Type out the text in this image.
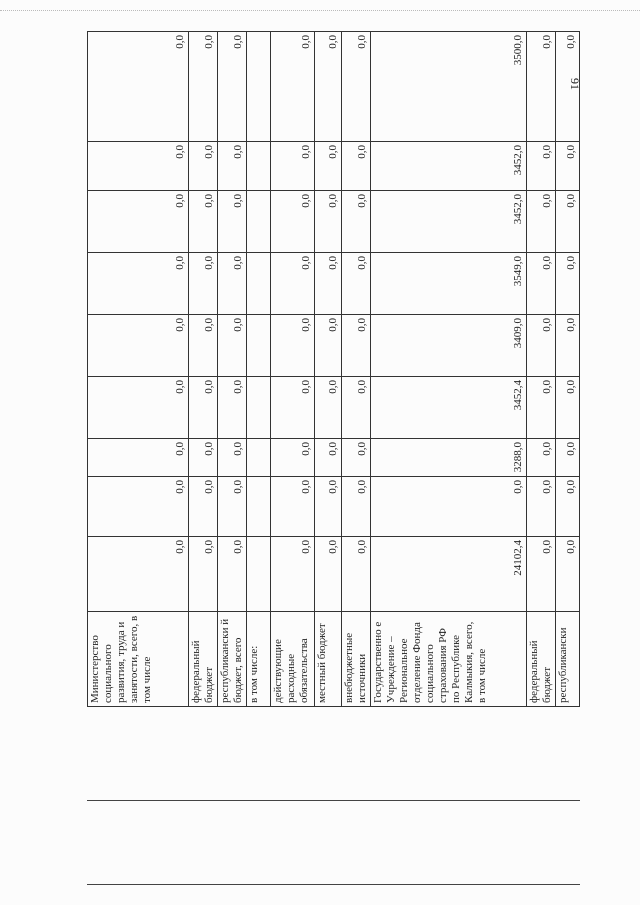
Министерство социального развития, труда и занятости, всего, в том числе	0,0	0,0	0,0	0,0	0,0	0,0	0,0	0,0	0,0
федеральный бюджет	0,0	0,0	0,0	0,0	0,0	0,0	0,0	0,0	0,0
республикански й бюджет, всего	0,0	0,0	0,0	0,0	0,0	0,0	0,0	0,0	0,0
в том числе:									
действующие расходные обязательства	0,0	0,0	0,0	0,0	0,0	0,0	0,0	0,0	0,0
местный бюджет	0,0	0,0	0,0	0,0	0,0	0,0	0,0	0,0	0,0
внебюджетные источники	0,0	0,0	0,0	0,0	0,0	0,0	0,0	0,0	0,0
Государственно е Учреждение – Региональное отделение Фонда социального страхования РФ по Республике Калмыкия, всего, в том числе	24102,4	0,0	3288,0	3452,4	3409,0	3549,0	3452,0	3452,0	3500,0
федеральный бюджет	0,0	0,0	0,0	0,0	0,0	0,0	0,0	0,0	0,0
республикански	0,0	0,0	0,0	0,0	0,0	0,0	0,0	0,0	0,0
91
